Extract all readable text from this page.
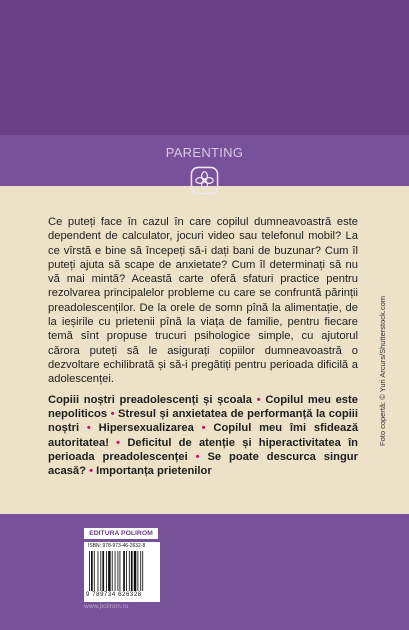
PARENTING

Ce puteți face în cazul în care copilul dumneavoastră este dependent de calculator, jocuri video sau telefonul mobil? La ce vîrstă e bine să începeți să-i dați bani de buzunar? Cum îl puteți ajuta să scape de anxietate? Cum îl determinați să nu vă mai mintă? Această carte oferă sfaturi practice pentru rezolvarea principalelor probleme cu care se confruntă părinții preadolescenților. De la orele de somn pînă la alimentație, de la ieșirile cu prietenii pînă la viața de familie, pentru fiecare temă sînt propuse trucuri psihologice simple, cu ajutorul cărora puteți să le asigurați copiilor dumneavoastră o dezvoltare echilibrată și să-i pregătiți pentru perioada dificilă a adolescenței.

Copiii noștri preadolescenți și școala • Copilul meu este nepoliticos • Stresul și anxietatea de performanță la copiii noștri • Hipersexualizarea • Copilul meu îmi sfidează autoritatea! • Deficitul de atenție și hiperactivitatea în perioada preadolescenței • Se poate descurca singur acasă? • Importanța prietenilor

Foto copertă: © Yuri Arcurs/Shutterstock.com
EDITURA POLIROM
ISBN: 978-973-46-2632-8
9 789734 626328
www.polirom.ro
